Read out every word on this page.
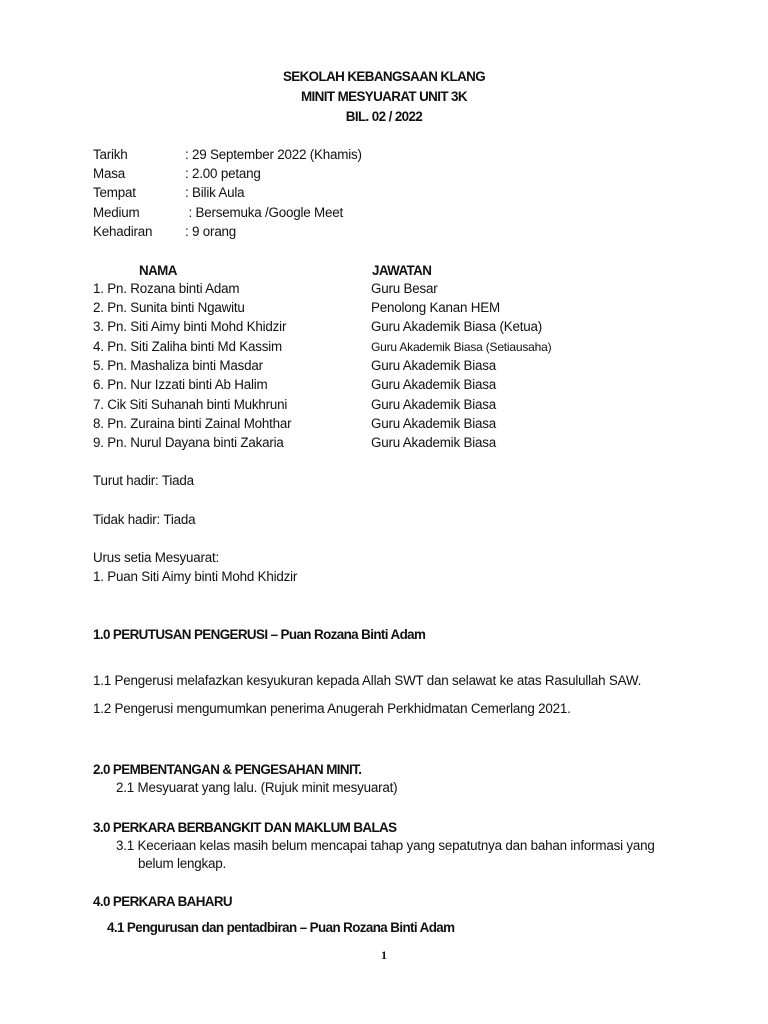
SEKOLAH KEBANGSAAN KLANG
MINIT MESYUARAT UNIT 3K
BIL. 02 / 2022
Tarikh	: 29 September 2022 (Khamis)
Masa	: 2.00 petang
Tempat	: Bilik Aula
Medium	: Bersemuka /Google Meet
Kehadiran : 9 orang
NAMA	JAWATAN
1. Pn. Rozana binti Adam	Guru Besar
2. Pn. Sunita binti Ngawitu	Penolong Kanan HEM
3. Pn. Siti Aimy binti Mohd Khidzir	Guru Akademik Biasa (Ketua)
4. Pn. Siti Zaliha binti Md Kassim	Guru Akademik Biasa (Setiausaha)
5. Pn. Mashaliza binti Masdar	Guru Akademik Biasa
6. Pn. Nur Izzati binti Ab Halim	Guru Akademik Biasa
7. Cik Siti Suhanah binti Mukhruni	Guru Akademik Biasa
8. Pn. Zuraina binti Zainal Mohthar	Guru Akademik Biasa
9. Pn. Nurul Dayana binti Zakaria	Guru Akademik Biasa
Turut hadir: Tiada
Tidak hadir: Tiada
Urus setia Mesyuarat:
1. Puan Siti Aimy binti Mohd Khidzir
1.0 PERUTUSAN PENGERUSI – Puan Rozana Binti Adam
1.1 Pengerusi melafazkan kesyukuran kepada Allah SWT dan selawat ke atas Rasulullah SAW.
1.2 Pengerusi mengumumkan penerima Anugerah Perkhidmatan Cemerlang 2021.
2.0 PEMBENTANGAN & PENGESAHAN MINIT.
2.1 Mesyuarat yang lalu. (Rujuk minit mesyuarat)
3.0 PERKARA BERBANGKIT DAN MAKLUM BALAS
3.1 Keceriaan kelas masih belum mencapai tahap yang sepatutnya dan bahan informasi yang
belum lengkap.
4.0 PERKARA BAHARU
4.1 Pengurusan dan pentadbiran – Puan Rozana Binti Adam
1
